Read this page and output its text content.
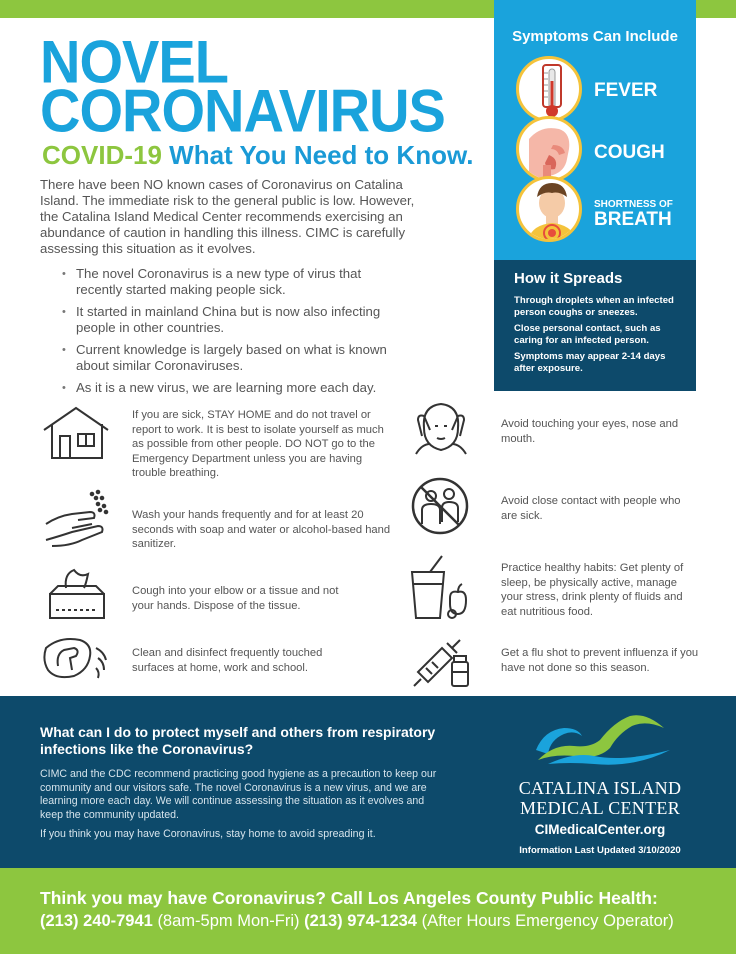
NOVEL
CORONAVIRUS
COVID-19 What You Need to Know.

There have been NO known cases of Coronavirus on Catalina Island. The immediate risk to the general public is low. However, the Catalina Island Medical Center recommends exercising an abundance of caution in handling this illness. CIMC is carefully assessing this situation as it evolves.

• The novel Coronavirus is a new type of virus that recently started making people sick.
• It started in mainland China but is now also infecting people in other countries.
• Current knowledge is largely based on what is known about similar Coronaviruses.
• As it is a new virus, we are learning more each day.
Symptoms Can Include
FEVER
COUGH
SHORTNESS OF
BREATH
How it Spreads

Through droplets when an infected person coughs or sneezes.

Close personal contact, such as caring for an infected person.

Symptoms may appear 2-14 days after exposure.

If you are sick, STAY HOME and do not travel or report to work. It is best to isolate yourself as much as possible from other people. DO NOT go to the Emergency Department unless you are having trouble breathing.
Wash your hands frequently and for at least 20 seconds with soap and water or alcohol-based hand sanitizer.
Cough into your elbow or a tissue and not your hands. Dispose of the tissue.
Clean and disinfect frequently touched surfaces at home, work and school.
Avoid touching your eyes, nose and mouth.
Avoid close contact with people who are sick.
Practice healthy habits: Get plenty of sleep, be physically active, manage your stress, drink plenty of fluids and eat nutritious food.
Get a flu shot to prevent influenza if you have not done so this season.
What can I do to protect myself and others from respiratory infections like the Coronavirus?

CIMC and the CDC recommend practicing good hygiene as a precaution to keep our community and our visitors safe. The novel Coronavirus is a new virus, and we are learning more each day. We will continue assessing the situation as it evolves and keep the community updated.

If you think you may have Coronavirus, stay home to avoid spreading it.

CATALINA ISLAND
MEDICAL CENTER
CIMedicalCenter.org
Information Last Updated 3/10/2020
Think you may have Coronavirus? Call Los Angeles County Public Health:
(213) 240-7941 (8am-5pm Mon-Fri) (213) 974-1234 (After Hours Emergency Operator)
